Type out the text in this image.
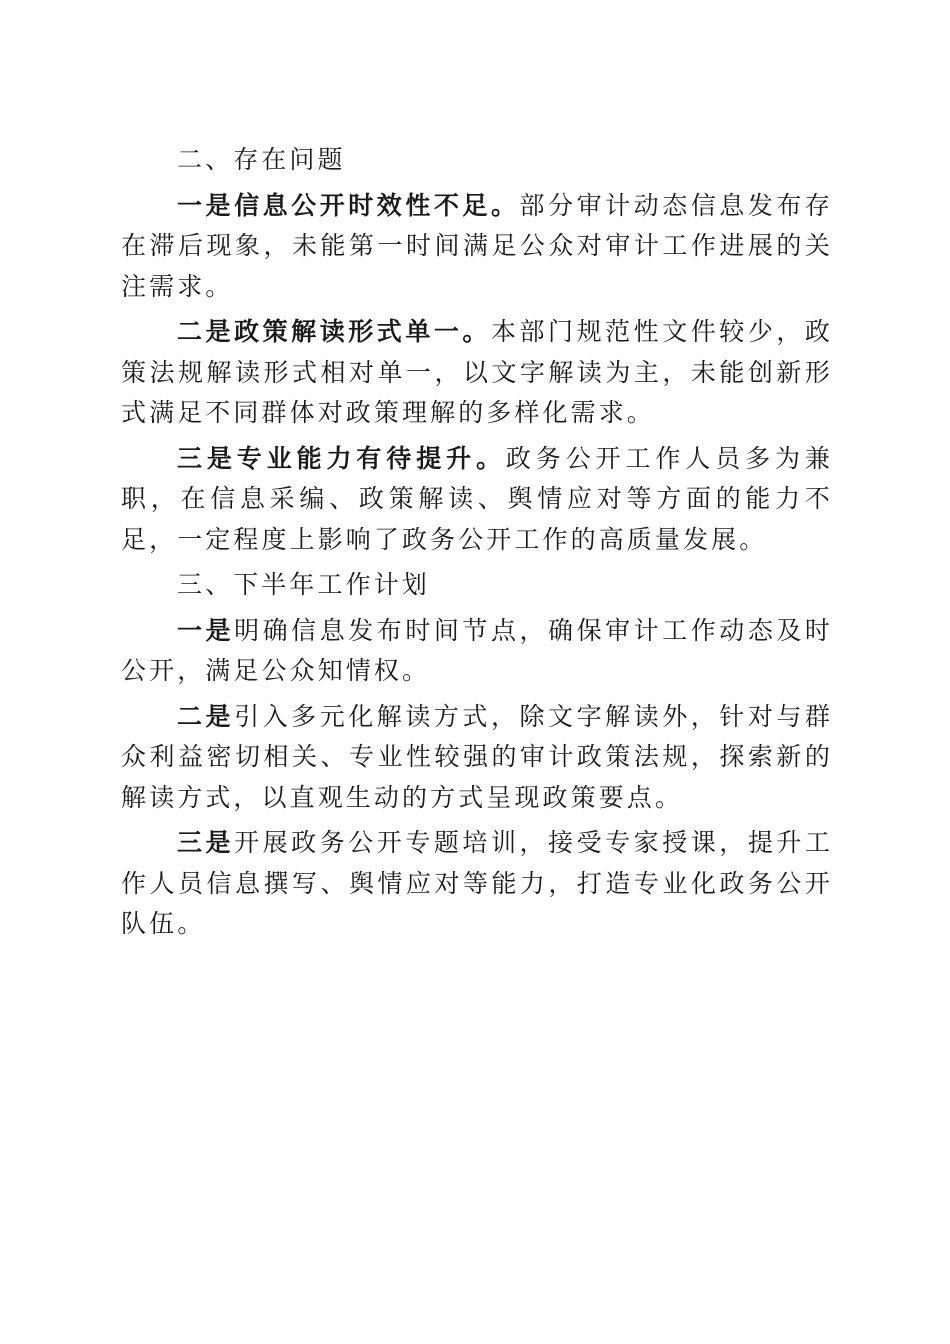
二、存在问题

一是信息公开时效性不足。部分审计动态信息发布存在滞后现象，未能第一时间满足公众对审计工作进展的关注需求。

二是政策解读形式单一。本部门规范性文件较少，政策法规解读形式相对单一，以文字解读为主，未能创新形式满足不同群体对政策理解的多样化需求。

三是专业能力有待提升。政务公开工作人员多为兼职，在信息采编、政策解读、舆情应对等方面的能力不足，一定程度上影响了政务公开工作的高质量发展。

三、下半年工作计划

一是明确信息发布时间节点，确保审计工作动态及时公开，满足公众知情权。

二是引入多元化解读方式，除文字解读外，针对与群众利益密切相关、专业性较强的审计政策法规，探索新的解读方式，以直观生动的方式呈现政策要点。

三是开展政务公开专题培训，接受专家授课，提升工作人员信息撰写、舆情应对等能力，打造专业化政务公开队伍。
